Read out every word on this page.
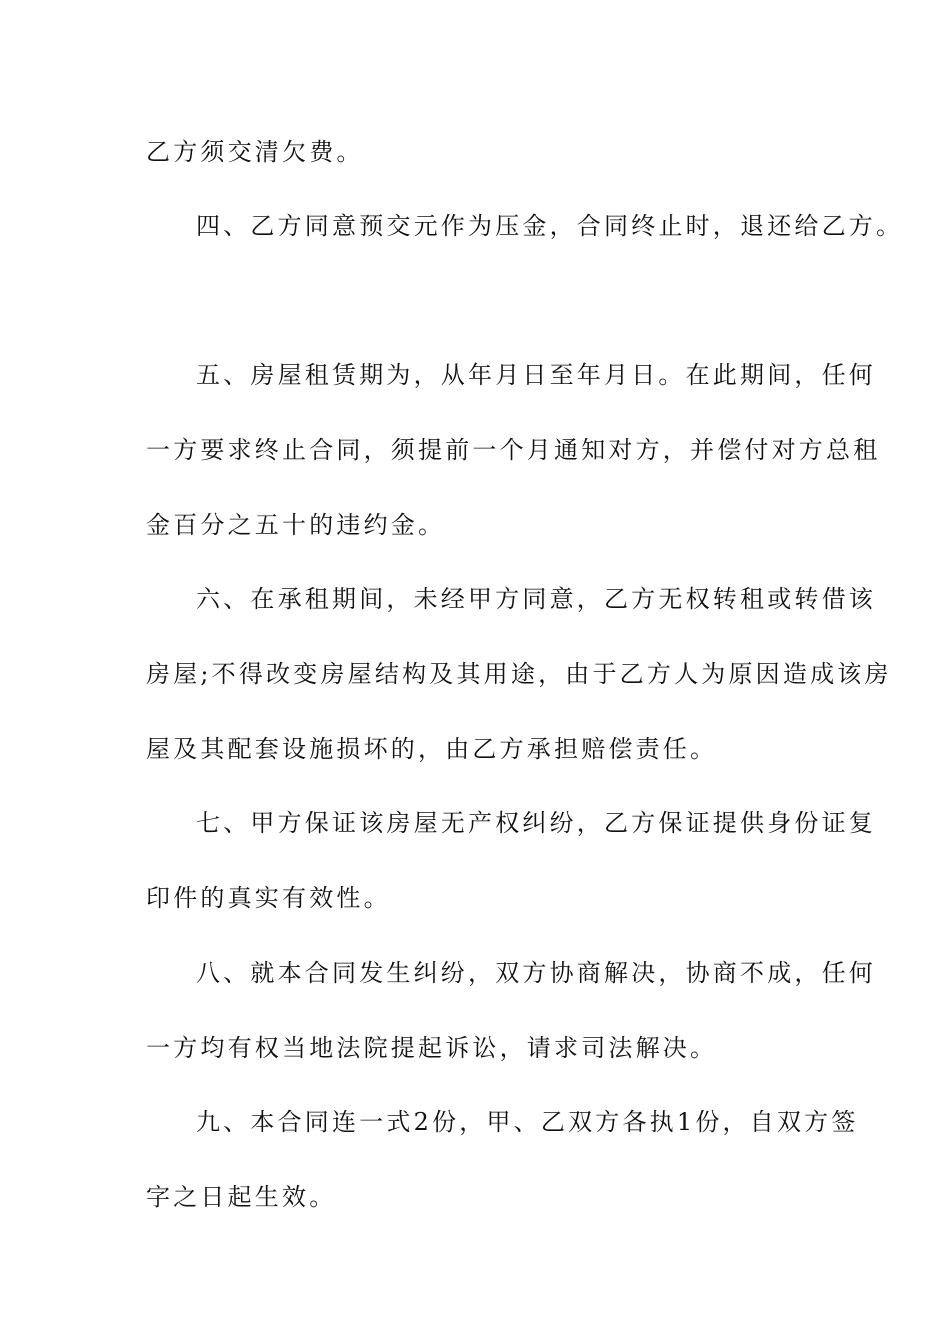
乙方须交清欠费。
四、乙方同意预交元作为压金，合同终止时，退还给乙方。
五、房屋租赁期为，从年月日至年月日。在此期间，任何
一方要求终止合同，须提前一个月通知对方，并偿付对方总租
金百分之五十的违约金。
六、在承租期间，未经甲方同意，乙方无权转租或转借该
房屋;不得改变房屋结构及其用途，由于乙方人为原因造成该房
屋及其配套设施损坏的，由乙方承担赔偿责任。
七、甲方保证该房屋无产权纠纷，乙方保证提供身份证复
印件的真实有效性。
八、就本合同发生纠纷，双方协商解决，协商不成，任何
一方均有权当地法院提起诉讼，请求司法解决。
九、本合同连一式2份，甲、乙双方各执1份，自双方签
字之日起生效。
